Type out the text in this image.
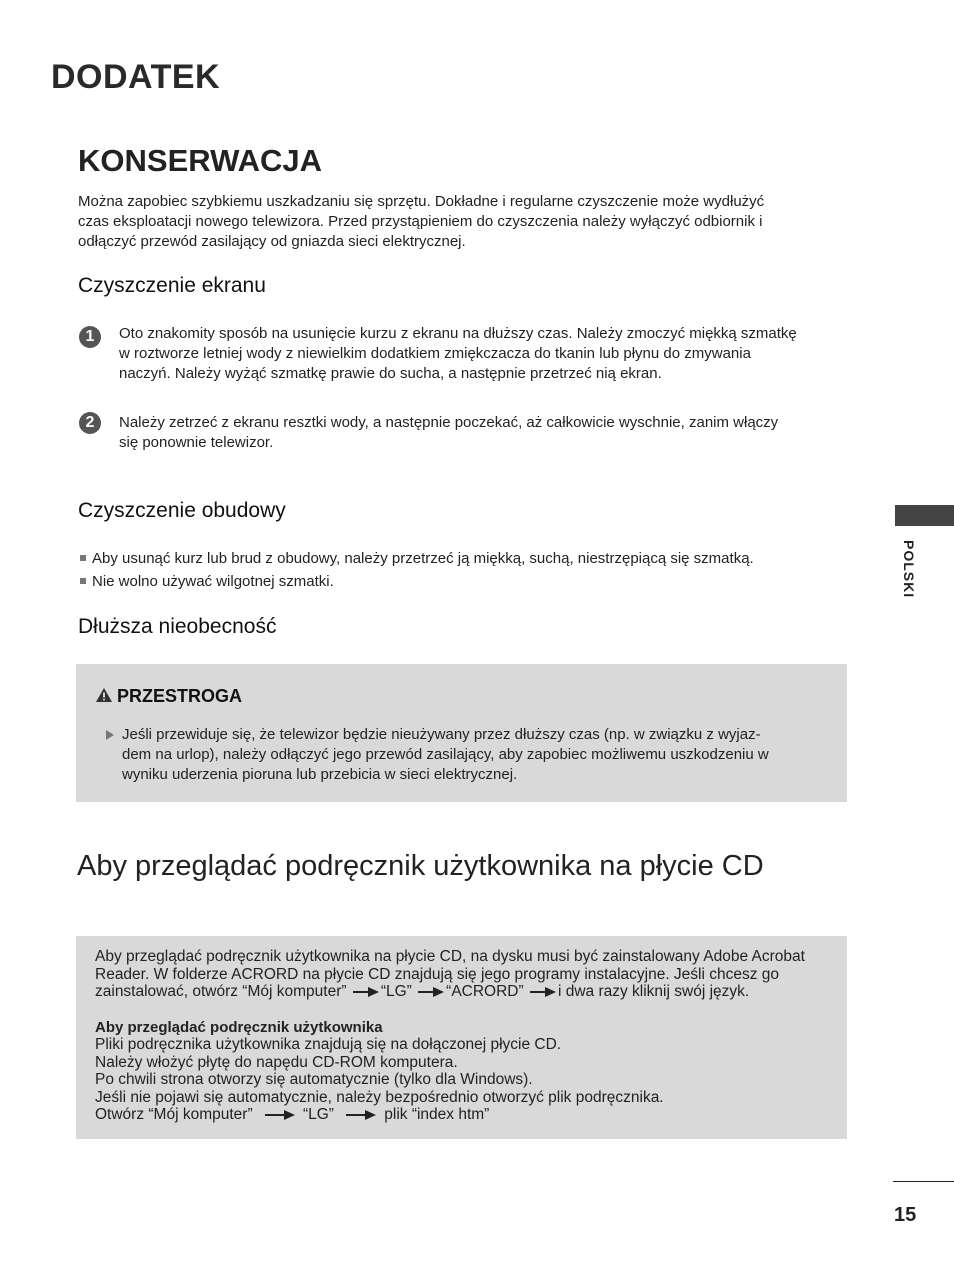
DODATEK
KONSERWACJA
Można zapobiec szybkiemu uszkadzaniu się sprzętu. Dokładne i regularne czyszczenie może wydłużyć
czas eksploatacji nowego telewizora. Przed przystąpieniem do czyszczenia należy wyłączyć odbiornik i
odłączyć przewód zasilający od gniazda sieci elektrycznej.
Czyszczenie ekranu
1	Oto znakomity sposób na usunięcie kurzu z ekranu na dłuższy czas. Należy zmoczyć miękką szmatkę
w roztworze letniej wody z niewielkim dodatkiem zmiękczacza do tkanin lub płynu do zmywania
naczyń. Należy wyżąć szmatkę prawie do sucha, a następnie przetrzeć nią ekran.
2	Należy zetrzeć z ekranu resztki wody, a następnie poczekać, aż całkowicie wyschnie, zanim włączy
się ponownie telewizor.
Czyszczenie obudowy
Aby usunąć kurz lub brud z obudowy, należy przetrzeć ją miękką, suchą, niestrzępiącą się szmatką.
Nie wolno używać wilgotnej szmatki.
Dłuższa nieobecność
PRZESTROGA
Jeśli przewiduje się, że telewizor będzie nieużywany przez dłuższy czas (np. w związku z wyjaz-
dem na urlop), należy odłączyć jego przewód zasilający, aby zapobiec możliwemu uszkodzeniu w
wyniku uderzenia pioruna lub przebicia w sieci elektrycznej.
Aby przeglądać podręcznik użytkownika na płycie CD
Aby przeglądać podręcznik użytkownika na płycie CD, na dysku musi być zainstalowany Adobe Acrobat
Reader. W folderze ACRORD na płycie CD znajdują się jego programy instalacyjne. Jeśli chcesz go
zainstalować, otwórz “Mój komputer” “LG” “ACRORD” i dwa razy kliknij swój język.
Aby przeglądać podręcznik użytkownika
Pliki podręcznika użytkownika znajdują się na dołączonej płycie CD.
Należy włożyć płytę do napędu CD-ROM komputera.
Po chwili strona otworzy się automatycznie (tylko dla Windows).
Jeśli nie pojawi się automatycznie, należy bezpośrednio otworzyć plik podręcznika.
Otwórz “Mój komputer”	“LG”	plik “index htm”
POLSKI
15
